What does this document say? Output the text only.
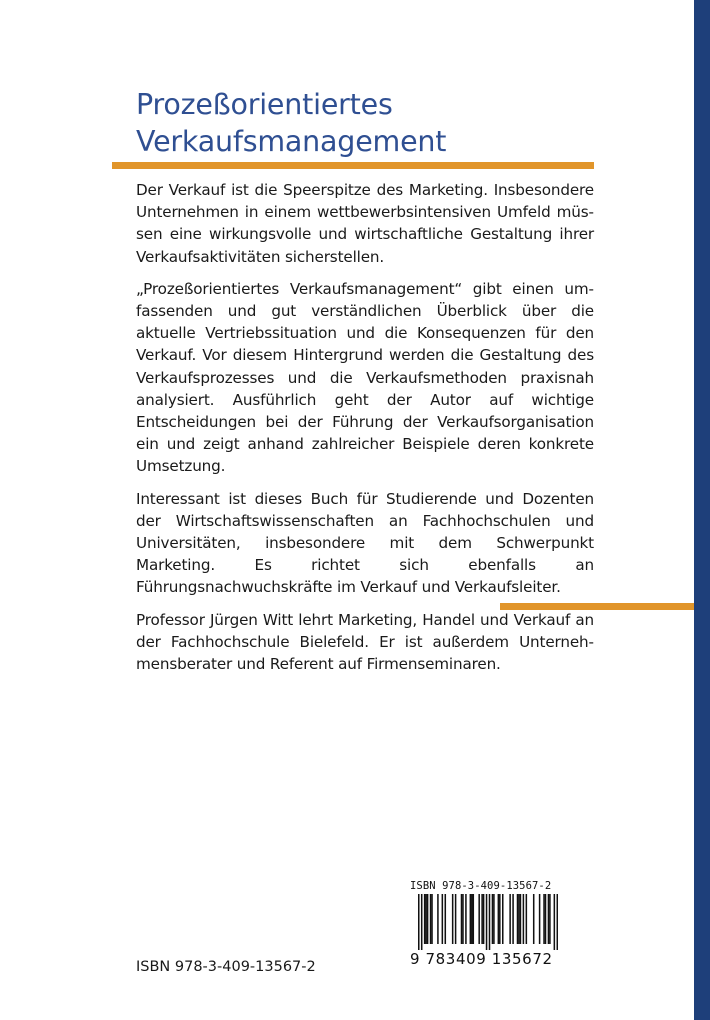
Prozeßorientiertes
Verkaufsmanagement

Der Verkauf ist die Speerspitze des Marketing. Insbesondere Unternehmen in einem wettbewerbsintensiven Umfeld müssen eine wirkungsvolle und wirtschaftliche Gestaltung ihrer Verkaufsaktivitäten sicherstellen.

„Prozeßorientiertes Verkaufsmanagement“ gibt einen umfassenden und gut verständlichen Überblick über die aktuelle Vertriebssituation und die Konsequenzen für den Verkauf. Vor diesem Hintergrund werden die Gestaltung des Verkaufsprozesses und die Verkaufsmethoden praxisnah analysiert. Ausführlich geht der Autor auf wichtige Entscheidungen bei der Führung der Verkaufsorganisation ein und zeigt anhand zahlreicher Beispiele deren konkrete Umsetzung.

Interessant ist dieses Buch für Studierende und Dozenten der Wirtschaftswissenschaften an Fachhochschulen und Universitäten, insbesondere mit dem Schwerpunkt Marketing. Es richtet sich ebenfalls an Führungsnachwuchskräfte im Verkauf und Verkaufsleiter.

Professor Jürgen Witt lehrt Marketing, Handel und Verkauf an der Fachhochschule Bielefeld. Er ist außerdem Unternehmensberater und Referent auf Firmenseminaren.

ISBN 978-3-409-13567-2
9 783409 135672

ISBN 978-3-409-13567-2
